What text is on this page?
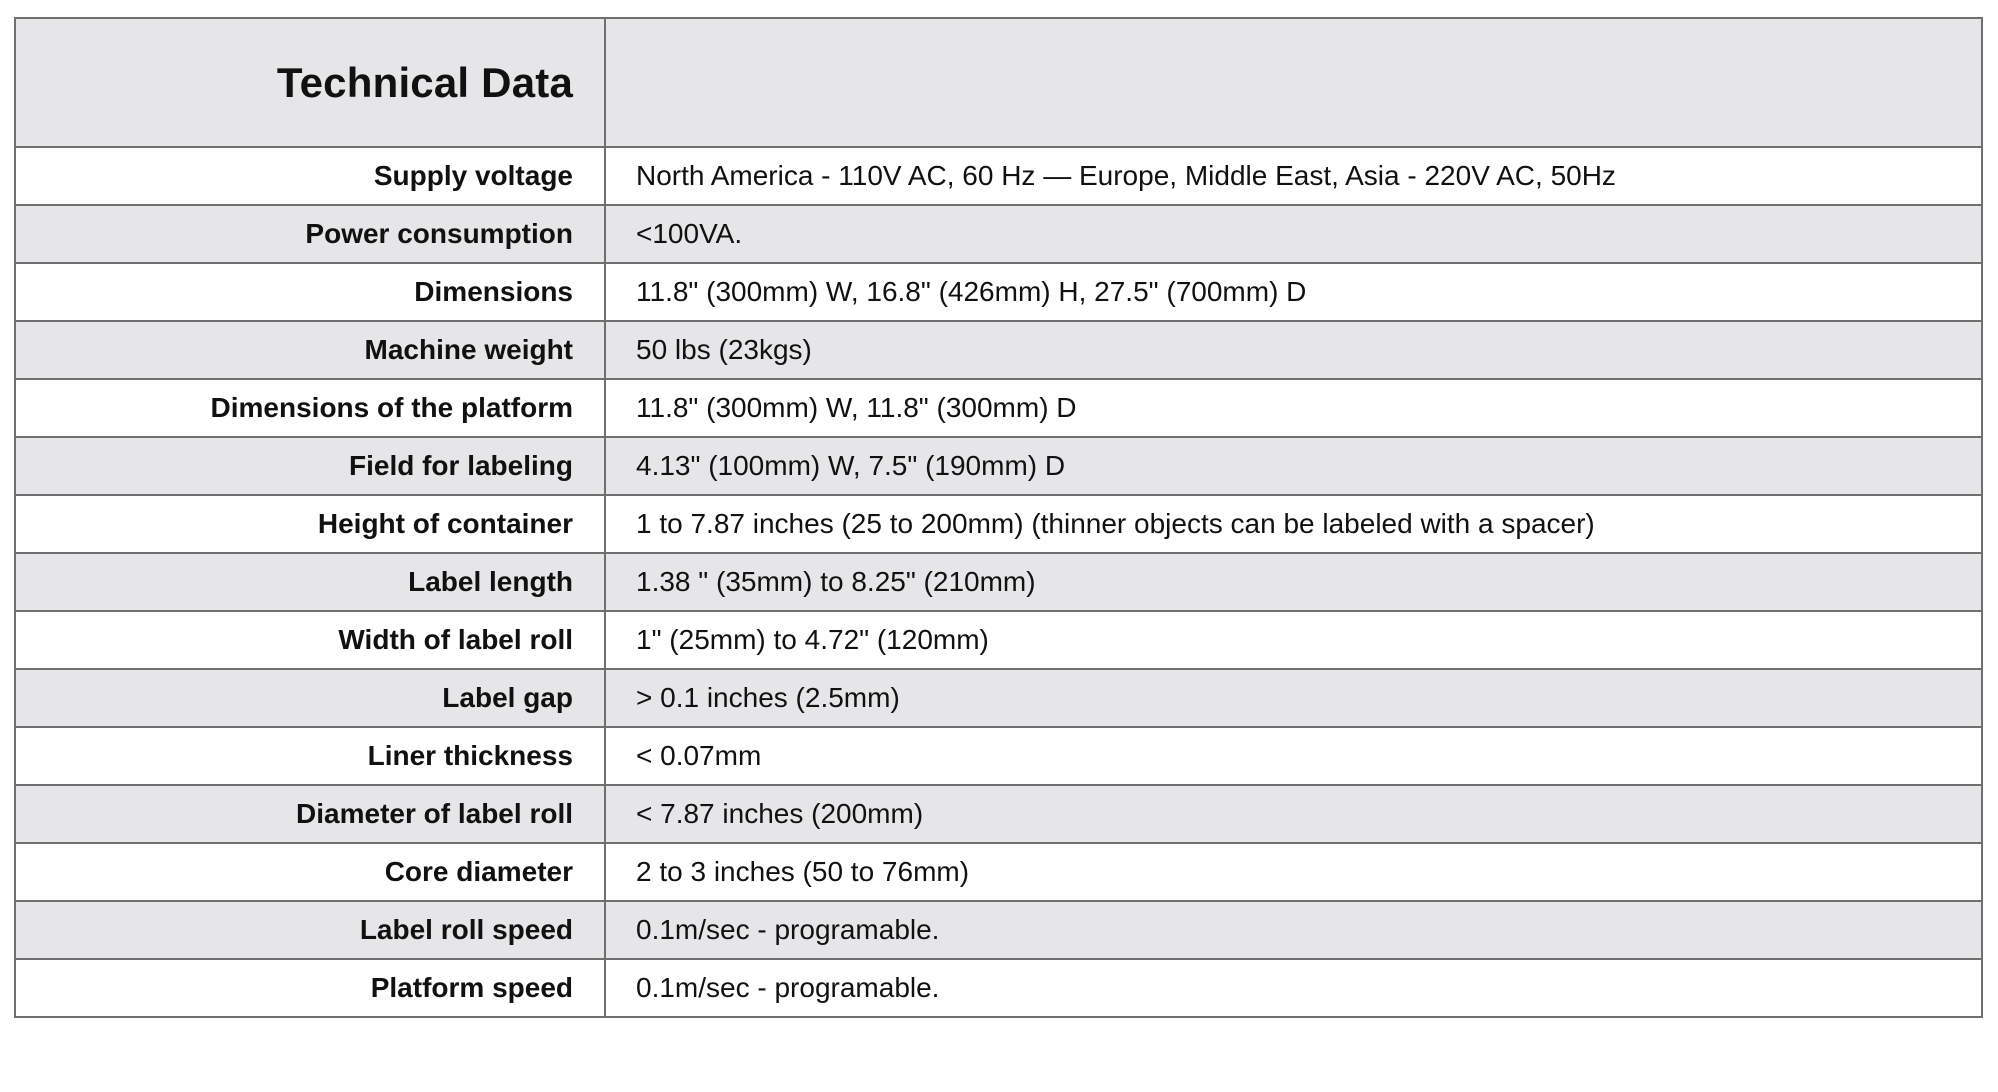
Technical Data	
Supply voltage	North America - 110V AC, 60 Hz — Europe, Middle East, Asia - 220V AC, 50Hz
Power consumption	<100VA.
Dimensions	11.8" (300mm) W, 16.8" (426mm) H, 27.5" (700mm) D
Machine weight	50 lbs (23kgs)
Dimensions of the platform	11.8" (300mm) W, 11.8" (300mm) D
Field for labeling	4.13" (100mm) W, 7.5" (190mm) D
Height of container	1 to 7.87 inches (25 to 200mm) (thinner objects can be labeled with a spacer)
Label length	1.38 " (35mm) to 8.25" (210mm)
Width of label roll	1" (25mm) to 4.72" (120mm)
Label gap	> 0.1 inches (2.5mm)
Liner thickness	< 0.07mm
Diameter of label roll	< 7.87 inches (200mm)
Core diameter	2 to 3 inches (50 to 76mm)
Label roll speed	0.1m/sec - programable.
Platform speed	0.1m/sec - programable.
